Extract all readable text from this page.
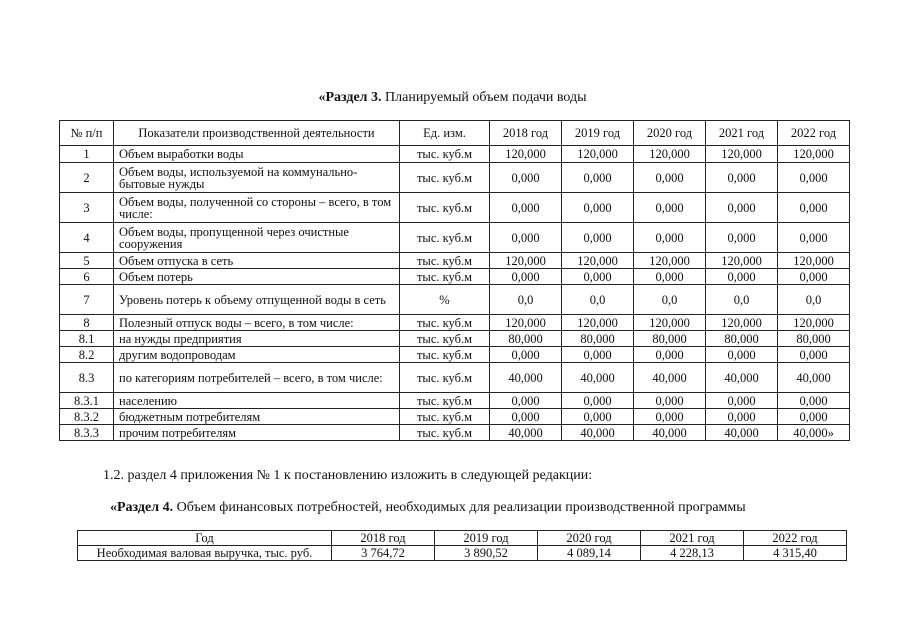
«Раздел 3. Планируемый объем подачи воды
№ п/п	Показатели производственной деятельности	Ед. изм.	2018 год	2019 год	2020 год	2021 год	2022 год
1	Объем выработки воды	тыс. куб.м	120,000	120,000	120,000	120,000	120,000
2	Объем воды, используемой на коммунально-бытовые нужды	тыс. куб.м	0,000	0,000	0,000	0,000	0,000
3	Объем воды, полученной со стороны – всего, в том числе:	тыс. куб.м	0,000	0,000	0,000	0,000	0,000
4	Объем воды, пропущенной через очистные сооружения	тыс. куб.м	0,000	0,000	0,000	0,000	0,000
5	Объем отпуска в сеть	тыс. куб.м	120,000	120,000	120,000	120,000	120,000
6	Объем потерь	тыс. куб.м	0,000	0,000	0,000	0,000	0,000
7	Уровень потерь к объему отпущенной воды в сеть	%	0,0	0,0	0,0	0,0	0,0
8	Полезный отпуск воды – всего, в том числе:	тыс. куб.м	120,000	120,000	120,000	120,000	120,000
8.1	на нужды предприятия	тыс. куб.м	80,000	80,000	80,000	80,000	80,000
8.2	другим водопроводам	тыс. куб.м	0,000	0,000	0,000	0,000	0,000
8.3	по категориям потребителей – всего, в том числе:	тыс. куб.м	40,000	40,000	40,000	40,000	40,000
8.3.1	населению	тыс. куб.м	0,000	0,000	0,000	0,000	0,000
8.3.2	бюджетным потребителям	тыс. куб.м	0,000	0,000	0,000	0,000	0,000
8.3.3	прочим потребителям	тыс. куб.м	40,000	40,000	40,000	40,000	40,000»
1.2. раздел 4 приложения № 1 к постановлению изложить в следующей редакции:
«Раздел 4. Объем финансовых потребностей, необходимых для реализации производственной программы
Год	2018 год	2019 год	2020 год	2021 год	2022 год
Необходимая валовая выручка, тыс. руб.	3 764,72	3 890,52	4 089,14	4 228,13	4 315,40
